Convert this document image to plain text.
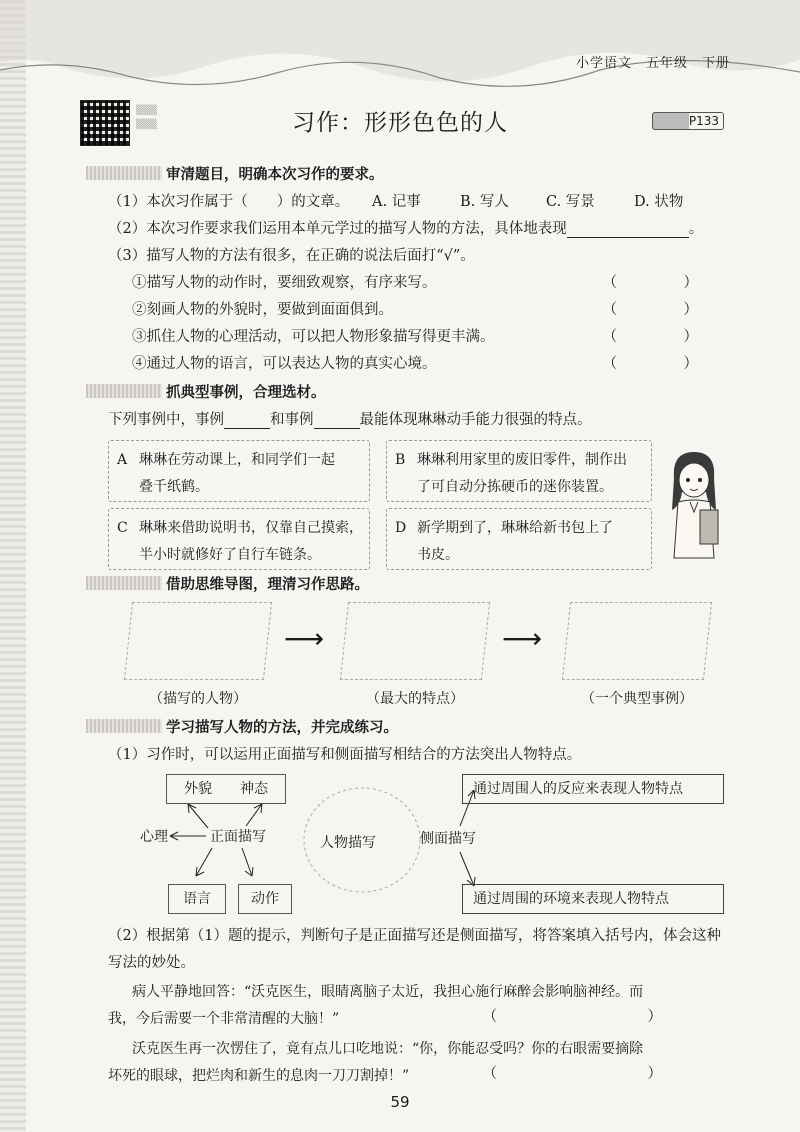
小学语文　五年级　下册
▒▒▒
▒▒▒	习作：形形色色的人	P133
审清题目，明确本次习作的要求。
（1）本次习作属于（　　）的文章。 A. 记事	B. 写人	C. 写景	D. 状物
（2）本次习作要求我们运用本单元学过的描写人物的方法，具体地表现	。
（3）描写人物的方法有很多，在正确的说法后面打“√”。
①描写人物的动作时，要细致观察，有序来写。	（　）
②刻画人物的外貌时，要做到面面俱到。	（　）
③抓住人物的心理活动，可以把人物形象描写得更丰满。	（　）
④通过人物的语言，可以表达人物的真实心境。	（　）
抓典型事例，合理选材。
下列事例中，事例	和事例	最能体现琳琳动手能力很强的特点。
A 琳琳在劳动课上，和同学们一起
叠千纸鹤。
B 琳琳利用家里的废旧零件，制作出
了可自动分拣硬币的迷你装置。
C 琳琳来借助说明书，仅靠自己摸索，
半小时就修好了自行车链条。
D 新学期到了，琳琳给新书包上了
书皮。
借助思维导图，理清习作思路。
⟶	⟶
（描写的人物）	（最大的特点）	（一个典型事例）
学习描写人物的方法，并完成练习。
（1）习作时，可以运用正面描写和侧面描写相结合的方法突出人物特点。
外貌 神态
心理	正面描写	人物描写	侧面描写
语言	动作
通过周围人的反应来表现人物特点
通过周围的环境来表现人物特点
（2）根据第（1）题的提示，判断句子是正面描写还是侧面描写，将答案填入括号内，体会这种
写法的妙处。
病人平静地回答：“沃克医生，眼睛离脑子太近，我担心施行麻醉会影响脑神经。而
我，今后需要一个非常清醒的大脑！”	（　）
沃克医生再一次愣住了，竟有点儿口吃地说：“你，你能忍受吗？你的右眼需要摘除
坏死的眼球，把烂肉和新生的息肉一刀刀割掉！”	（　）
59
